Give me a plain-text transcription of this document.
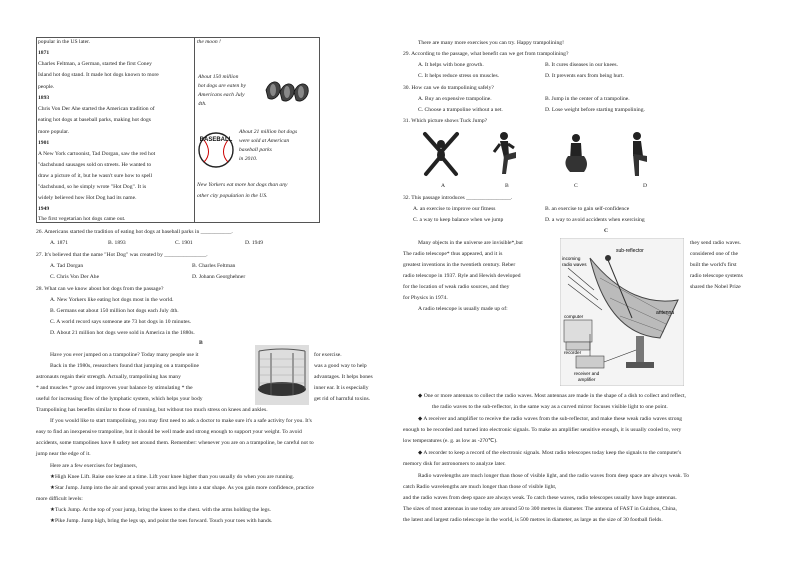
popular in the US later.
1871
Charles Feltman, a German, started the first Coney
Island hot dog stand. It made hot dogs known to more
people.
1893
Chris Von Der Ahe started the American tradition of
eating hot dogs at baseball parks, making hot dogs
more popular.
1901
A New York cartoonist, Tad Dorgan, saw the red hot
"dachshund sausages sold on streets. He wanted to
draw a picture of it, but he wasn't sure how to spell
"dachshund, so he simply wrote "Hot Dog". It is
widely believed how Hot Dog had its name.
1949
The first vegetarian hot dogs came out.
the moon !
About 150 million
hot dogs are eaten by
Americans each July
4th.
BASEBALL
About 21 million hot dogs
were sold at American
baseball parks
in 2010.
New Yorkers eat more hot dogs than any
other city population in the US.
26. Americans started the tradition of eating hot dogs at baseball parks in ___________.
A. 1871	B. 1893	C. 1901	D. 1949
27. It's believed that the name "Hot Dog" was created by _______________.
A. Tad Dorgan	B. Charles Feltman
C. Chris Von Der Ahe	D. Johann Georghehner
28. What can we know about hot dogs from the passage?
A. New Yorkers like eating hot dogs most in the world.
B. Germans eat about 150 million hot dogs each July 4th.
C. A world record says someone ate 73 hot dogs in 10 minutes.
D. About 21 million hot dogs were sold in America in the 1880s.
B
Have you ever jumped on a trampoline? Today many people use it
Back in the 1980s, researchers found that jumping on a trampoline
astronauts regain their strength. Actually, trampolining has many
* and muscles * grow and improves your balance by stimulating * the
useful for increasing flow of the lymphatic system, which helps your body
for exercise.
was a good way to help
advantages. It helps bones
inner ear. It is especially
get rid of harmful toxins.
Trampolining has benefits similar to those of running, but without too much stress on knees and ankles.
If you would like to start trampolining, you may first need to ask a doctor to make sure it's a safe activity for you. It's
easy to find an inexpensive trampoline, but it should be well made and strong enough to support your weight. To avoid
accidents, some trampolines have 8 safety net around them. Remember: whenever you are on a trampoline, be careful not to
jump near the edge of it.
Here are a few exercises for beginners,
★High Knee Lift. Raise one knee at a time. Lift your knee higher than you usually do when you are running.
★Star Jump. Jump into the air and spread your arms and legs into a star shape. As you gain more confidence, practice
more difficult levels:
★Tuck Jump. At the top of your jump, bring the knees to the chest. with the arms holding the legs.
★Pike Jump. Jump high, bring the legs up, and point the toes forward. Touch your toes with hands.
There are many more exercises you can try. Happy trampolining!
29. According to the passage, what benefit can we get from trampolining?
A. It helps with bone growth.	B. It cures diseases in our knees.
C. It helps reduce stress on muscles.	D. It prevents ears from being hurt.
30. How can we do trampolining safely?
A. Buy an expensive trampoline.	B. Jump in the center of a trampoline.
C. Choose a trampoline without a net.	D. Lose weight before starting trampolining.
31. Which picture shows Tuck Jump?
A	B	C	D
32. This passage introduces ________________.
A. an exercise to improve our fitness	B. an exercise to gain self-confidence
C. a way to keep balance when we jump	D. a way to avoid accidents when exercising
C
Many objects in the universe are invisible*,but
The radio telescope* thus appeared, and it is
greatest inventions in the twentieth century. Reber
radio telescope in 1937. Ryle and Hewish developed
for the location of weak radio sources, and they
for Physics in 1974.
A radio telescope is usually made up of:
they send radio waves.
considered one of the
built the world's first
radio telescope systems
shared the Nobel Prize
sub-reflector
incoming
radio waves
antenna
computer
recorder
receiver and
amplifier
◆ One or more antennas to collect the radio waves. Most antennas are made in the shape of a dish to collect and reflect,
the radio waves to the sub-reflector, in the same way as a curved mirror focuses visible light to one point.
◆ A receiver and amplifier to receive the radio waves from the sub-reflector, and make these weak radio waves strong
enough to be recorded and turned into electronic signals. To make an amplifier sensitive enough, it is usually cooled to, very
low temperatures (e. g. as low as -270℃).
◆ A recorder to keep a record of the electronic signals. Most radio telescopes today keep the signals to the computer's
memory disk for astronomers to analyze later.
Radio wavelengths are much longer than those of visible light, and the radio waves from deep space are always weak. To
catch Radio wavelengths are much longer than those of visible light,
and the radio waves from deep space are always weak. To catch these waves, radio telescopes usually have huge antennas.
The sizes of most antennas in use today are around 50 to 300 metres in diameter. The antenna of FAST in Guizhou, China,
the latest and largest radio telescope in the world, is 500 metres in diameter, as large as the size of 30 football fields.
